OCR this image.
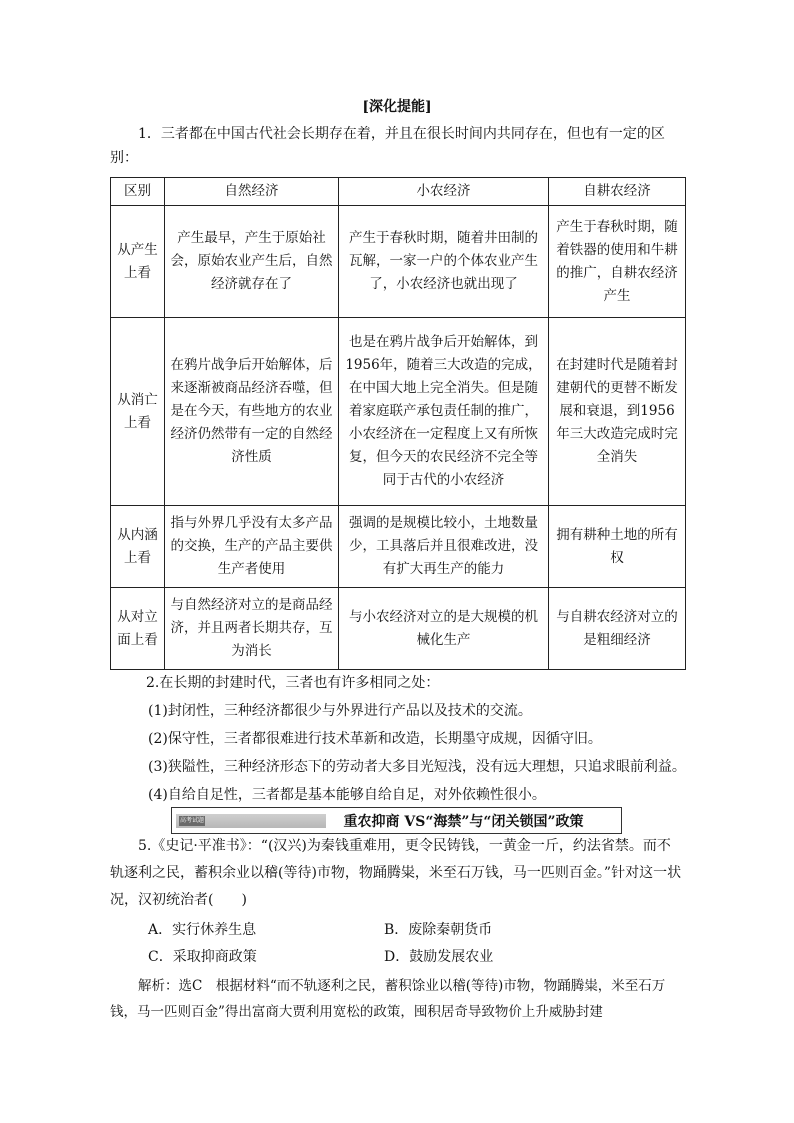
[深化提能]

1．三者都在中国古代社会长期存在着，并且在很长时间内共同存在，但也有一定的区别：

区别	自然经济	小农经济	自耕农经济
从产生上看	产生最早，产生于原始社会，原始农业产生后，自然经济就存在了	产生于春秋时期，随着井田制的瓦解，一家一户的个体农业产生了，小农经济也就出现了	产生于春秋时期，随着铁器的使用和牛耕的推广，自耕农经济产生
从消亡上看	在鸦片战争后开始解体，后来逐渐被商品经济吞噬，但是在今天，有些地方的农业经济仍然带有一定的自然经济性质	也是在鸦片战争后开始解体，到1956年，随着三大改造的完成，在中国大地上完全消失。但是随着家庭联产承包责任制的推广，小农经济在一定程度上又有所恢复，但今天的农民经济不完全等同于古代的小农经济	在封建时代是随着封建朝代的更替不断发展和衰退，到1956年三大改造完成时完全消失
从内涵上看	指与外界几乎没有太多产品的交换，生产的产品主要供生产者使用	强调的是规模比较小，土地数量少，工具落后并且很难改进，没有扩大再生产的能力	拥有耕种土地的所有权
从对立面上看	与自然经济对立的是商品经济，并且两者长期共存，互为消长	与小农经济对立的是大规模的机械化生产	与自耕农经济对立的是粗细经济

2.在长期的封建时代，三者也有许多相同之处：

(1)封闭性，三种经济都很少与外界进行产品以及技术的交流。
(2)保守性，三者都很难进行技术革新和改造，长期墨守成规，因循守旧。
(3)狭隘性，三种经济形态下的劳动者大多目光短浅，没有远大理想，只追求眼前利益。
(4)自给自足性，三者都是基本能够自给自足，对外依赖性很小。
高考试题	重农抑商 VS“海禁”与“闭关锁国”政策

5.《史记·平准书》：“(汉兴)为秦钱重难用，更令民铸钱，一黄金一斤，约法省禁。而不轨逐利之民，蓄积余业以稽(等待)市物，物踊腾粜，米至石万钱，马一匹则百金。”针对这一状况，汉初统治者(　　)

A．实行休养生息	B．废除秦朝货币
C．采取抑商政策	D．鼓励发展农业

解析：选C　根据材料“而不轨逐利之民，蓄积馀业以稽(等待)市物，物踊腾粜，米至石万钱，马一匹则百金”得出富商大贾利用宽松的政策，囤积居奇导致物价上升威胁封建
